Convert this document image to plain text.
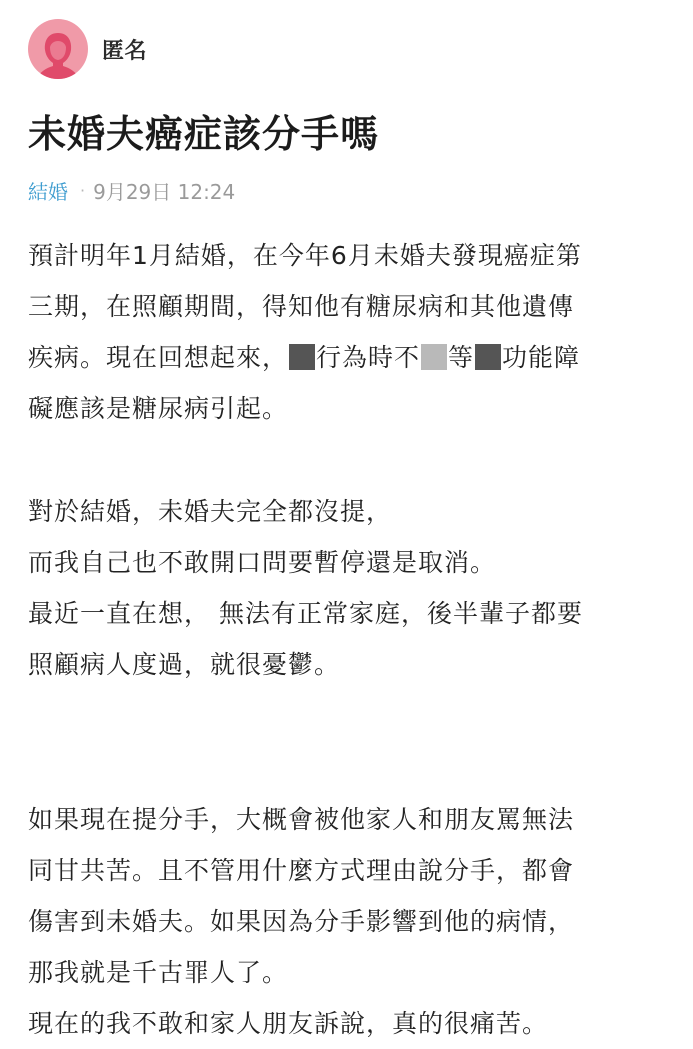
匿名
未婚夫癌症該分手嗎
結婚 · 9月29日 12:24
預計明年1月結婚，在今年6月未婚夫發現癌症第
三期，在照顧期間，得知他有糖尿病和其他遺傳
疾病。現在回想起來， 行為時不 等 功能障
礙應該是糖尿病引起。
對於結婚，未婚夫完全都沒提，
而我自己也不敢開口問要暫停還是取消。
最近一直在想， 無法有正常家庭，後半輩子都要
照顧病人度過，就很憂鬱。
如果現在提分手，大概會被他家人和朋友罵無法
同甘共苦。且不管用什麼方式理由說分手，都會
傷害到未婚夫。如果因為分手影響到他的病情，
那我就是千古罪人了。
現在的我不敢和家人朋友訴說，真的很痛苦。
